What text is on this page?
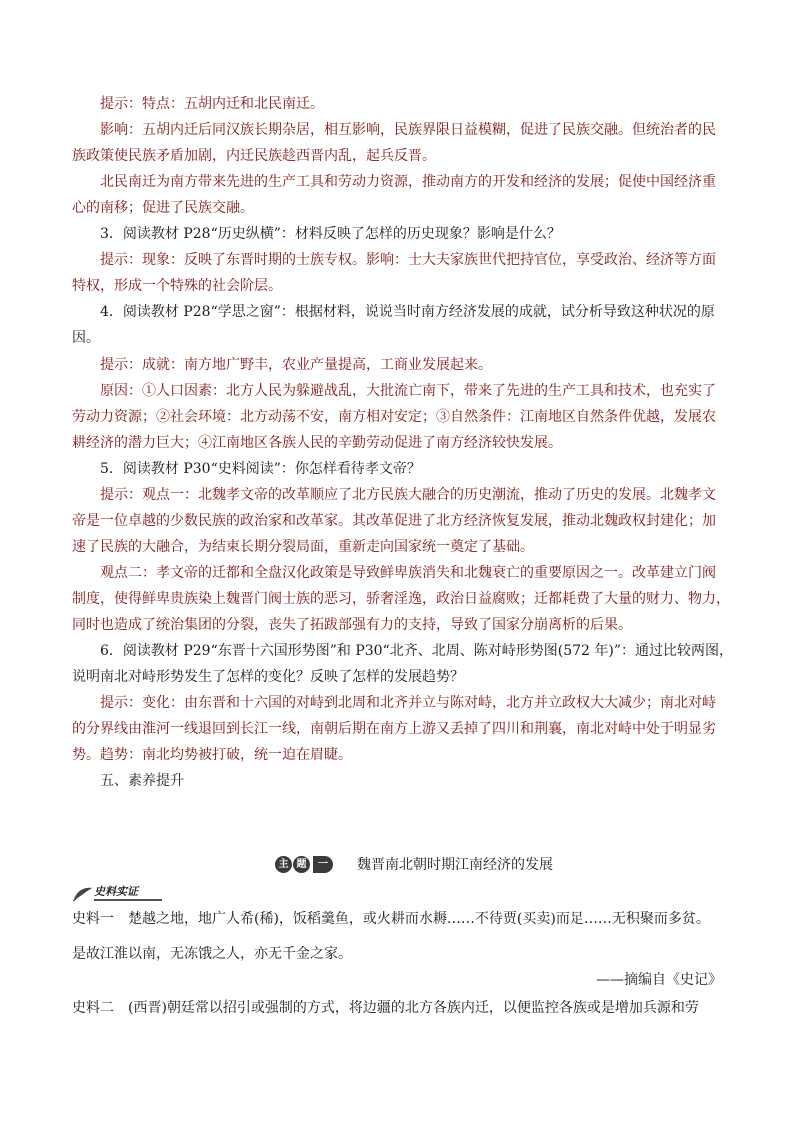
提示：特点：五胡内迁和北民南迁。
影响：五胡内迁后同汉族长期杂居，相互影响，民族界限日益模糊，促进了民族交融。但统治者的民
族政策使民族矛盾加剧，内迁民族趁西晋内乱，起兵反晋。
北民南迁为南方带来先进的生产工具和劳动力资源，推动南方的开发和经济的发展；促使中国经济重
心的南移；促进了民族交融。
3．阅读教材 P28“历史纵横”：材料反映了怎样的历史现象？影响是什么？
提示：现象：反映了东晋时期的士族专权。影响：士大夫家族世代把持官位，享受政治、经济等方面
特权，形成一个特殊的社会阶层。
4．阅读教材 P28“学思之窗”：根据材料，说说当时南方经济发展的成就，试分析导致这种状况的原
因。
提示：成就：南方地广野丰，农业产量提高，工商业发展起来。
原因：①人口因素：北方人民为躲避战乱，大批流亡南下，带来了先进的生产工具和技术，也充实了
劳动力资源；②社会环境：北方动荡不安，南方相对安定；③自然条件：江南地区自然条件优越，发展农
耕经济的潜力巨大；④江南地区各族人民的辛勤劳动促进了南方经济较快发展。
5．阅读教材 P30“史料阅读”：你怎样看待孝文帝？
提示：观点一：北魏孝文帝的改革顺应了北方民族大融合的历史潮流，推动了历史的发展。北魏孝文
帝是一位卓越的少数民族的政治家和改革家。其改革促进了北方经济恢复发展，推动北魏政权封建化；加
速了民族的大融合，为结束长期分裂局面，重新走向国家统一奠定了基础。
观点二：孝文帝的迁都和全盘汉化政策是导致鲜卑族消失和北魏衰亡的重要原因之一。改革建立门阀
制度，使得鲜卑贵族染上魏晋门阀士族的恶习，骄奢淫逸，政治日益腐败；迁都耗费了大量的财力、物力，
同时也造成了统治集团的分裂，丧失了拓跋部强有力的支持，导致了国家分崩离析的后果。
6．阅读教材 P29“东晋十六国形势图”和 P30“北齐、北周、陈对峙形势图(572 年)”：通过比较两图，
说明南北对峙形势发生了怎样的变化？反映了怎样的发展趋势？
提示：变化：由东晋和十六国的对峙到北周和北齐并立与陈对峙，北方并立政权大大减少；南北对峙
的分界线由淮河一线退回到长江一线，南朝后期在南方上游又丢掉了四川和荆襄，南北对峙中处于明显劣
势。趋势：南北均势被打破，统一迫在眉睫。
五、素养提升
主 题	一	魏晋南北朝时期江南经济的发展
史料实证
史料一　楚越之地，地广人希(稀)，饭稻羹鱼，或火耕而水耨……不待贾(买卖)而足……无积聚而多贫。
是故江淮以南，无冻饿之人，亦无千金之家。
——摘编自《史记》
史料二　(西晋)朝廷常以招引或强制的方式，将边疆的北方各族内迁，以便监控各族或是增加兵源和劳
